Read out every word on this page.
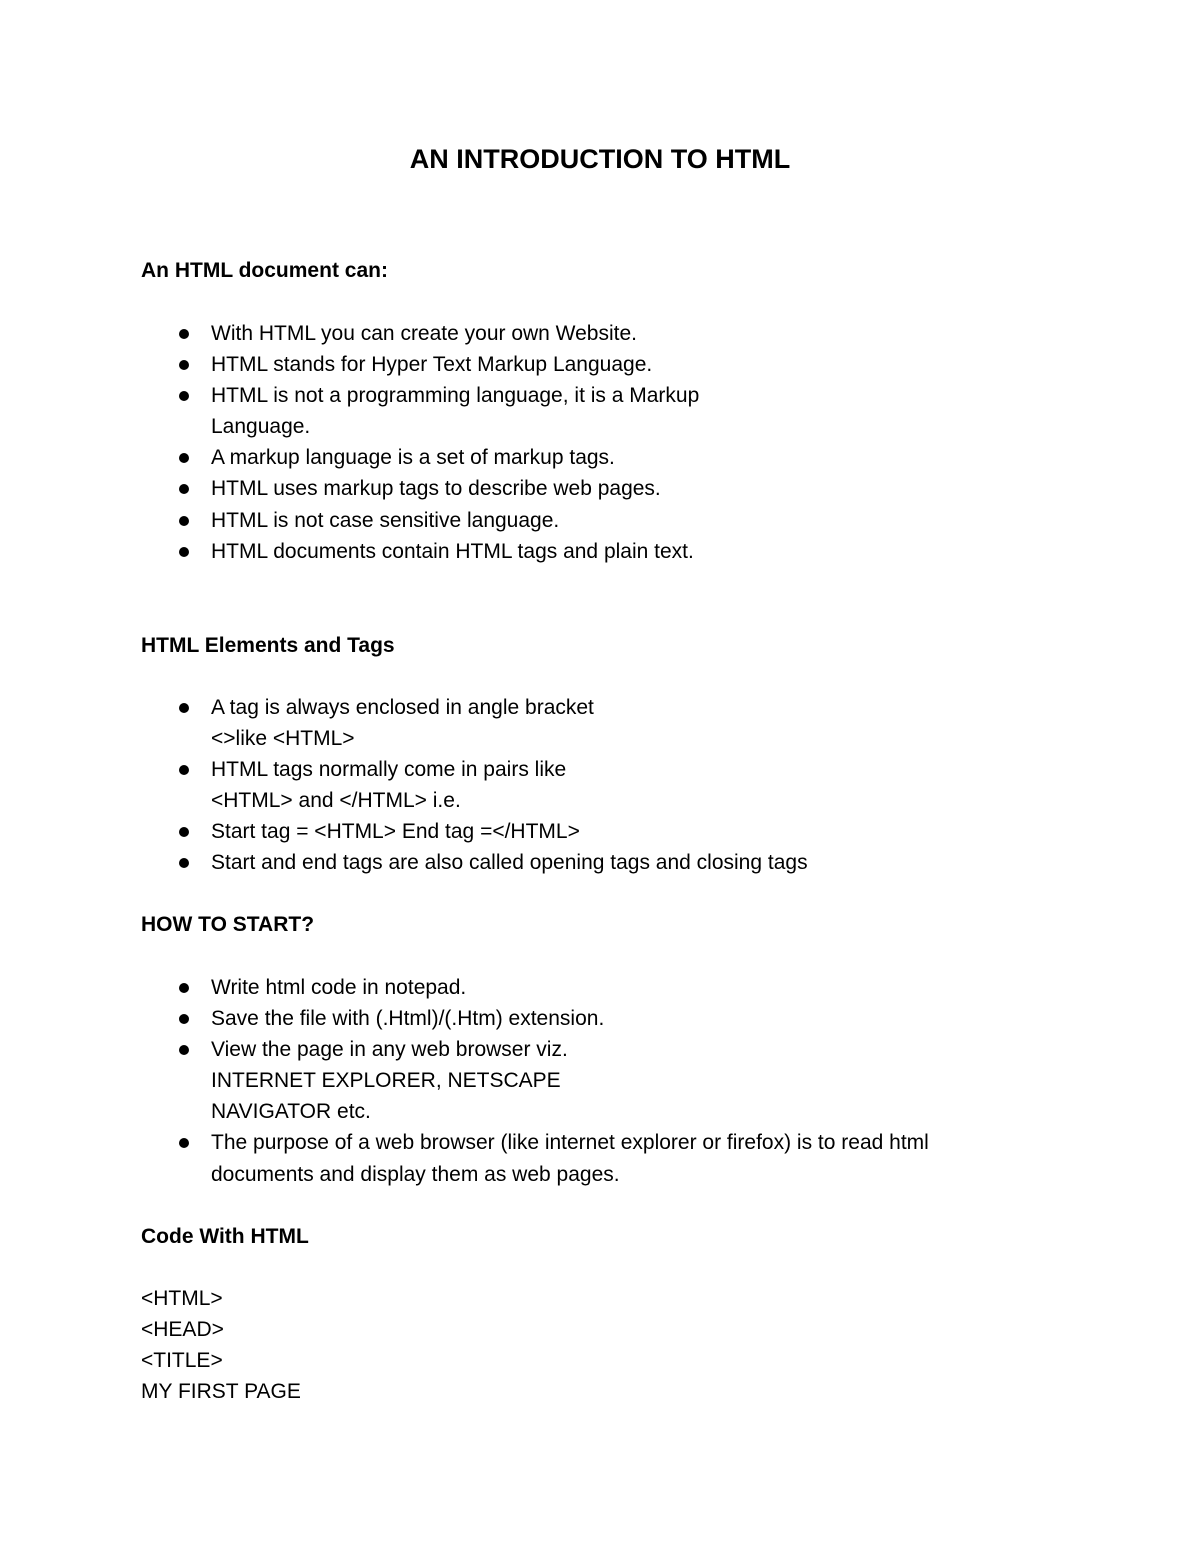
AN INTRODUCTION TO HTML
An HTML document can:
With HTML you can create your own Website.
HTML stands for Hyper Text Markup Language.
HTML is not a programming language, it is a Markup
Language.
A markup language is a set of markup tags.
HTML uses markup tags to describe web pages.
HTML is not case sensitive language.
HTML documents contain HTML tags and plain text.
HTML Elements and Tags
A tag is always enclosed in angle bracket
<>like <HTML>
HTML tags normally come in pairs like
<HTML> and </HTML> i.e.
Start tag = <HTML> End tag =</HTML>
Start and end tags are also called opening tags and closing tags
HOW TO START?
Write html code in notepad.
Save the file with (.Html)/(.Htm) extension.
View the page in any web browser viz.
INTERNET EXPLORER, NETSCAPE
NAVIGATOR etc.
The purpose of a web browser (like internet explorer or firefox) is to read html
documents and display them as web pages.
Code With HTML
<HTML>
<HEAD>
<TITLE>
MY FIRST PAGE
